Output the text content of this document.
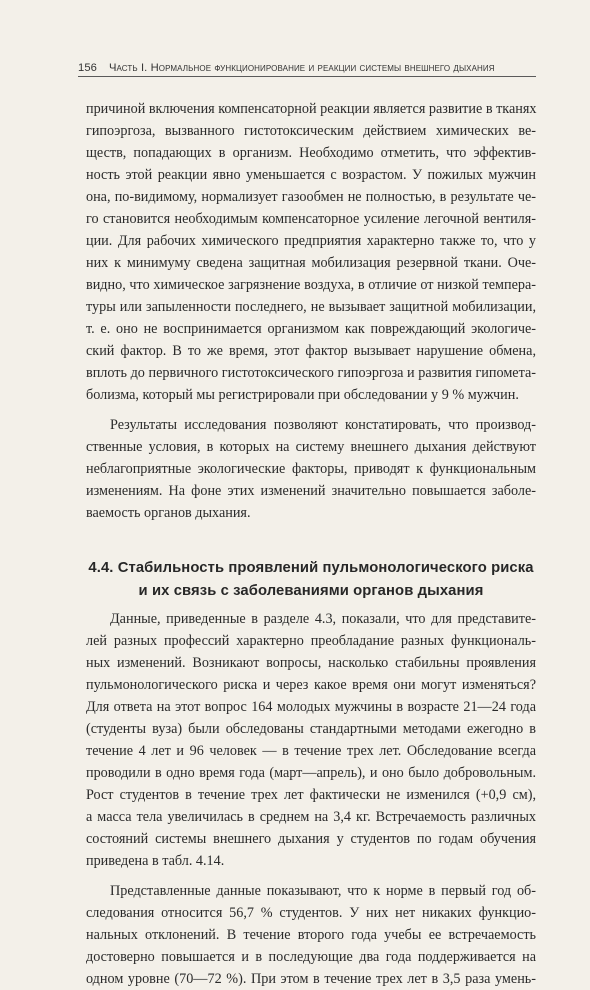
156 Часть I. Нормальное функционирование и реакции системы внешнего дыхания
причиной включения компенсаторной реакции является развитие в тканях
гипоэргоза, вызванного гистотоксическим действием химических ве-
ществ, попадающих в организм. Необходимо отметить, что эффектив-
ность этой реакции явно уменьшается с возрастом. У пожилых мужчин
она, по-видимому, нормализует газообмен не полностью, в результате че-
го становится необходимым компенсаторное усиление легочной вентиля-
ции. Для рабочих химического предприятия характерно также то, что у
них к минимуму сведена защитная мобилизация резервной ткани. Оче-
видно, что химическое загрязнение воздуха, в отличие от низкой темпера-
туры или запыленности последнего, не вызывает защитной мобилизации,
т. е. оно не воспринимается организмом как повреждающий экологиче-
ский фактор. В то же время, этот фактор вызывает нарушение обмена,
вплоть до первичного гистотоксического гипоэргоза и развития гипомета-
болизма, который мы регистрировали при обследовании у 9 % мужчин.
Результаты исследования позволяют констатировать, что производ-
ственные условия, в которых на систему внешнего дыхания действуют
неблагоприятные экологические факторы, приводят к функциональным
изменениям. На фоне этих изменений значительно повышается заболе-
ваемость органов дыхания.
4.4. Стабильность проявлений пульмонологического риска
и их связь с заболеваниями органов дыхания
Данные, приведенные в разделе 4.3, показали, что для представите-
лей разных профессий характерно преобладание разных функциональ-
ных изменений. Возникают вопросы, насколько стабильны проявления
пульмонологического риска и через какое время они могут изменяться?
Для ответа на этот вопрос 164 молодых мужчины в возрасте 21—24 года
(студенты вуза) были обследованы стандартными методами ежегодно в
течение 4 лет и 96 человек — в течение трех лет. Обследование всегда
проводили в одно время года (март—апрель), и оно было добровольным.
Рост студентов в течение трех лет фактически не изменился (+0,9 см),
а масса тела увеличилась в среднем на 3,4 кг. Встречаемость различных
состояний системы внешнего дыхания у студентов по годам обучения
приведена в табл. 4.14.
Представленные данные показывают, что к норме в первый год об-
следования относится 56,7 % студентов. У них нет никаких функцио-
нальных отклонений. В течение второго года учебы ее встречаемость
достоверно повышается и в последующие два года поддерживается на
одном уровне (70—72 %). При этом в течение трех лет в 3,5 раза умень-
